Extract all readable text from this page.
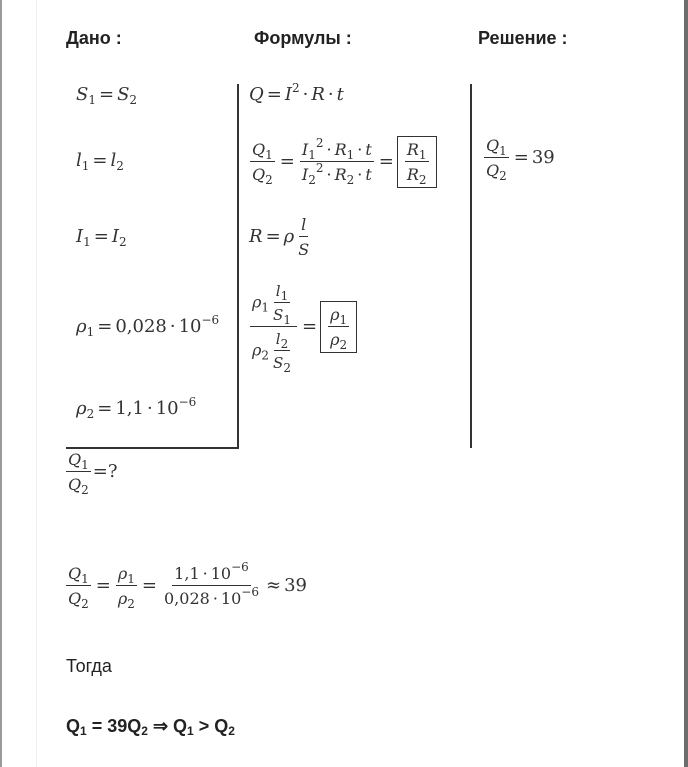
Дано :	Формулы :	Решение :
$S_1 = S_2$
$l_1 = l_2$
$I_1 = I_2$
$\rho_1 = 0,028 \cdot 10^{-6}$
$\rho_2 = 1,1 \cdot 10^{-6}$
$\frac{Q_1}{Q_2}$ =?
$Q = I^2 \cdot R \cdot t$
$\frac{Q_1}{Q_2} = \frac{I_1^2 \cdot R_1 \cdot t}{I_2^2 \cdot R_2 \cdot t} = \frac{R_1}{R_2}$
R = ρ $\frac{l}{S}$
$\frac{\rho_1 \frac{l_1}{S_1}}{\rho_2 \frac{l_2}{S_2}} = \frac{\rho_1}{\rho_2}$
$\frac{Q_1}{Q_2} = 39$
$\frac{Q_1}{Q_2} = \frac{\rho_1}{\rho_2} = \frac{1,1 \cdot 10^{-6}}{0,028 \cdot 10^{-6}} \approx 39$
Тогда
$Q_1 = 39Q_2$ ⇒ $Q_1 > Q_2$
